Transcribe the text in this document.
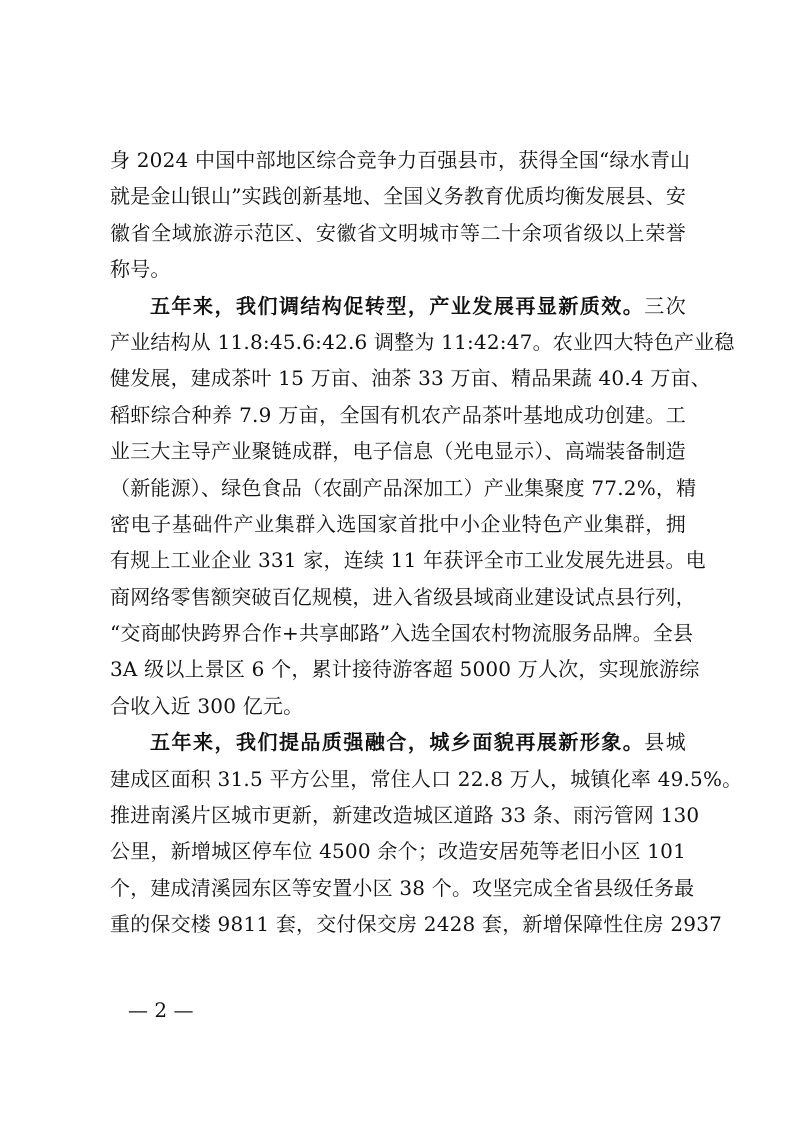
身 2024 中国中部地区综合竞争力百强县市，获得全国“绿水青山
就是金山银山”实践创新基地、全国义务教育优质均衡发展县、安
徽省全域旅游示范区、安徽省文明城市等二十余项省级以上荣誉
称号。
五年来，我们调结构促转型，产业发展再显新质效。三次
产业结构从 11.8:45.6:42.6 调整为 11:42:47。农业四大特色产业稳
健发展，建成茶叶 15 万亩、油茶 33 万亩、精品果蔬 40.4 万亩、
稻虾综合种养 7.9 万亩，全国有机农产品茶叶基地成功创建。工
业三大主导产业聚链成群，电子信息（光电显示）、高端装备制造
（新能源）、绿色食品（农副产品深加工）产业集聚度 77.2%，精
密电子基础件产业集群入选国家首批中小企业特色产业集群，拥
有规上工业企业 331 家，连续 11 年获评全市工业发展先进县。电
商网络零售额突破百亿规模，进入省级县域商业建设试点县行列，
“交商邮快跨界合作+共享邮路”入选全国农村物流服务品牌。全县
3A 级以上景区 6 个，累计接待游客超 5000 万人次，实现旅游综
合收入近 300 亿元。
五年来，我们提品质强融合，城乡面貌再展新形象。县城
建成区面积 31.5 平方公里，常住人口 22.8 万人，城镇化率 49.5%。
推进南溪片区城市更新，新建改造城区道路 33 条、雨污管网 130
公里，新增城区停车位 4500 余个；改造安居苑等老旧小区 101
个，建成清溪园东区等安置小区 38 个。攻坚完成全省县级任务最
重的保交楼 9811 套，交付保交房 2428 套，新增保障性住房 2937
— 2 —
